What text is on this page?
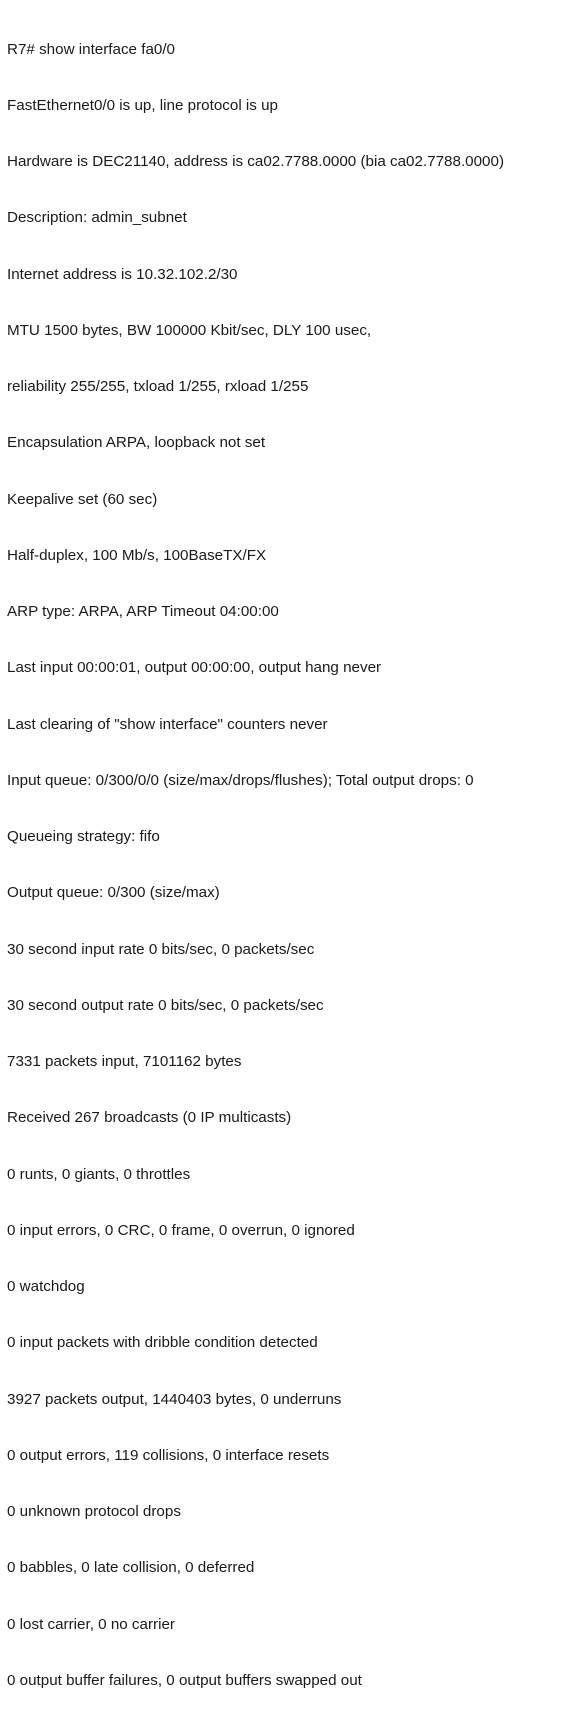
R7# show interface fa0/0

FastEthernet0/0 is up, line protocol is up

Hardware is DEC21140, address is ca02.7788.0000 (bia ca02.7788.0000)

Description: admin_subnet

Internet address is 10.32.102.2/30

MTU 1500 bytes, BW 100000 Kbit/sec, DLY 100 usec,

reliability 255/255, txload 1/255, rxload 1/255

Encapsulation ARPA, loopback not set

Keepalive set (60 sec)

Half-duplex, 100 Mb/s, 100BaseTX/FX

ARP type: ARPA, ARP Timeout 04:00:00

Last input 00:00:01, output 00:00:00, output hang never

Last clearing of "show interface" counters never

Input queue: 0/300/0/0 (size/max/drops/flushes); Total output drops: 0

Queueing strategy: fifo

Output queue: 0/300 (size/max)

30 second input rate 0 bits/sec, 0 packets/sec

30 second output rate 0 bits/sec, 0 packets/sec

7331 packets input, 7101162 bytes

Received 267 broadcasts (0 IP multicasts)

0 runts, 0 giants, 0 throttles

0 input errors, 0 CRC, 0 frame, 0 overrun, 0 ignored

0 watchdog

0 input packets with dribble condition detected

3927 packets output, 1440403 bytes, 0 underruns

0 output errors, 119 collisions, 0 interface resets

0 unknown protocol drops

0 babbles, 0 late collision, 0 deferred

0 lost carrier, 0 no carrier

0 output buffer failures, 0 output buffers swapped out
